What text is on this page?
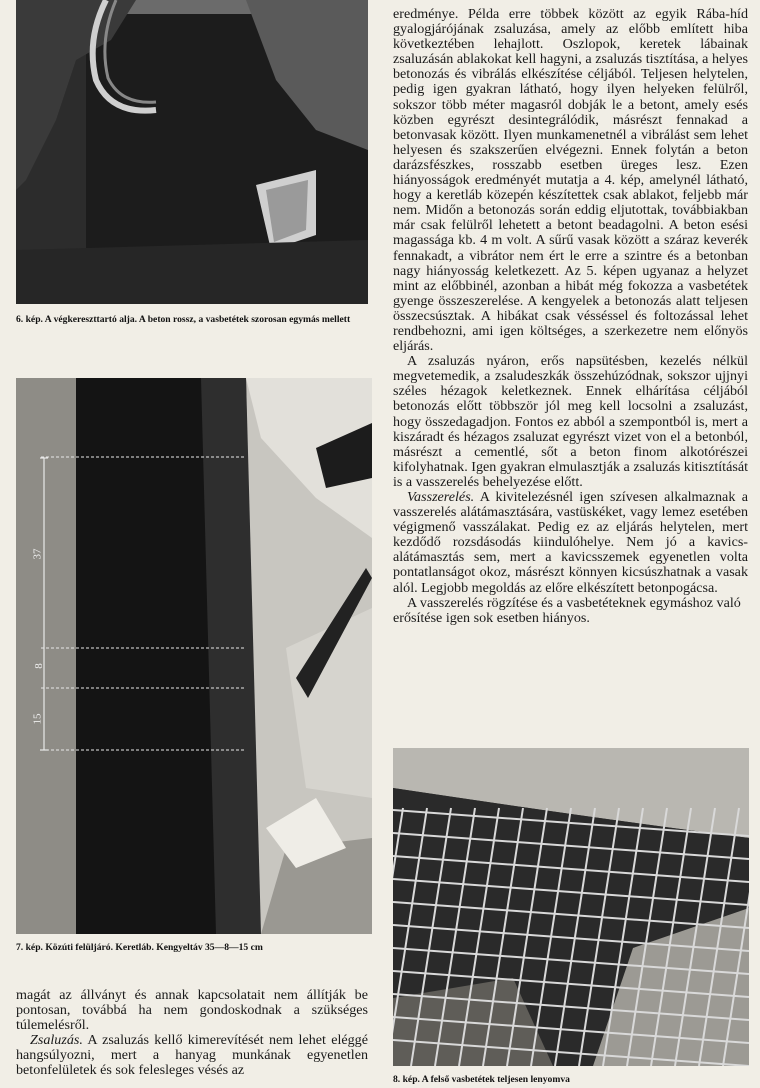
6. kép. A végkereszttartó alja. A beton rossz, a vasbetétek szorosan egymás mellett
37
8
15
7. kép. Közúti felüljáró. Keretláb. Kengyeltáv 35—8—15 cm

magát az állványt és annak kapcsolatait nem állítják be pontosan, továbbá ha nem gondoskodnak a szükséges túlemelésről.

Zsaluzás. A zsaluzás kellő kimerevítését nem lehet eléggé hangsúlyozni, mert a hanyag munkának egyenetlen betonfelületek és sok felesleges vésés az

eredménye. Példa erre többek között az egyik Rába-híd gyalogjárójának zsaluzása, amely az előbb említett hiba következtében lehajlott. Oszlopok, keretek lábainak zsaluzásán ablakokat kell hagyni, a zsaluzás tisztítása, a helyes betonozás és vibrálás elkészítése céljából. Teljesen helytelen, pedig igen gyakran látható, hogy ilyen helyeken felülről, sokszor több méter magasról dobják le a betont, amely esés közben egyrészt desintegrálódik, másrészt fennakad a betonvasak között. Ilyen munkamenetnél a vibrálást sem lehet helyesen és szakszerűen elvégezni. Ennek folytán a beton darázsfészkes, rosszabb esetben üreges lesz. Ezen hiányosságok eredményét mutatja a 4. kép, amelynél látható, hogy a keretláb közepén készítettek csak ablakot, feljebb már nem. Midőn a betonozás során eddig eljutottak, továbbiakban már csak felülről lehetett a betont beadagolni. A beton esési magassága kb. 4 m volt. A sűrű vasak között a száraz keverék fennakadt, a vibrátor nem ért le erre a szintre és a betonban nagy hiányosság keletkezett. Az 5. képen ugyanaz a helyzet mint az előbbinél, azonban a hibát még fokozza a vasbetétek gyenge összeszerelése. A kengyelek a betonozás alatt teljesen összecsúsztak. A hibákat csak vésséssel és foltozással lehet rendbehozni, ami igen költséges, a szerkezetre nem előnyös eljárás.

A zsaluzás nyáron, erős napsütésben, kezelés nélkül megvetemedik, a zsaludeszkák összehúzódnak, sokszor ujjnyi széles hézagok keletkeznek. Ennek elhárítása céljából betonozás előtt többször jól meg kell locsolni a zsaluzást, hogy összedagadjon. Fontos ez abból a szempontból is, mert a kiszáradt és hézagos zsaluzat egyrészt vizet von el a betonból, másrészt a cementlé, sőt a beton finom alkotórészei kifolyhatnak. Igen gyakran elmulasztják a zsaluzás kitisztítását is a vasszerelés behelyezése előtt.

Vasszerelés. A kivitelezésnél igen szívesen alkalmaznak a vasszerelés alátámasztására, vastüskéket, vagy lemez esetében végigmenő vasszálakat. Pedig ez az eljárás helytelen, mert kezdődő rozsdásodás kiindulóhelye. Nem jó a kavics-alátámasztás sem, mert a kavicsszemek egyenetlen volta pontatlanságot okoz, másrészt könnyen kicsúszhatnak a vasak alól. Legjobb megoldás az előre elkészített betonpogácsa.

A vasszerelés rögzítése és a vasbetéteknek egymáshoz való erősítése igen sok esetben hiányos.

8. kép. A felső vasbetétek teljesen lenyomva
